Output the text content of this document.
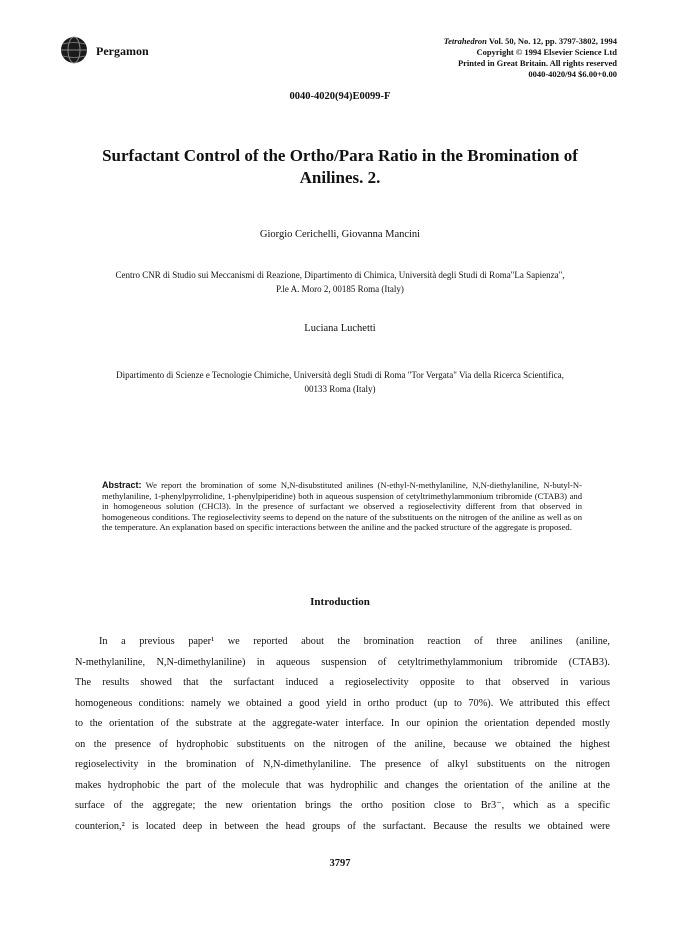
Pergamon
Tetrahedron Vol. 50, No. 12, pp. 3797-3802, 1994
Copyright © 1994 Elsevier Science Ltd
Printed in Great Britain. All rights reserved
0040-4020/94 $6.00+0.00
0040-4020(94)E0099-F
Surfactant Control of the Ortho/Para Ratio in the Bromination of
Anilines. 2.
Giorgio Cerichelli, Giovanna Mancini
Centro CNR di Studio sui Meccanismi di Reazione, Dipartimento di Chimica, Università degli Studi di Roma"La Sapienza",
P.le A. Moro 2, 00185 Roma (Italy)
Luciana Luchetti
Dipartimento di Scienze e Tecnologie Chimiche, Università degli Studi di Roma "Tor Vergata" Via della Ricerca Scientifica,
00133 Roma (Italy)
Abstract: We report the bromination of some N,N-disubstituted anilines (N-ethyl-N-methylaniline, N,N-diethylaniline, N-butyl-N-methylaniline, 1-phenylpyrrolidine, 1-phenylpiperidine) both in aqueous suspension of cetyltrimethylammonium tribromide (CTAB3) and in homogeneous solution (CHCl3). In the presence of surfactant we observed a regioselectivity different from that observed in homogeneous conditions. The regioselectivity seems to depend on the nature of the substituents on the nitrogen of the aniline as well as on the temperature. An explanation based on specific interactions between the aniline and the packed structure of the aggregate is proposed.
Introduction
In a previous paper¹ we reported about the bromination reaction of three anilines (aniline,
N-methylaniline, N,N-dimethylaniline) in aqueous suspension of cetyltrimethylammonium tribromide (CTAB3).
The results showed that the surfactant induced a regioselectivity opposite to that observed in various
homogeneous conditions: namely we obtained a good yield in ortho product (up to 70%). We attributed this effect
to the orientation of the substrate at the aggregate-water interface. In our opinion the orientation depended mostly
on the presence of hydrophobic substituents on the nitrogen of the aniline, because we obtained the highest
regioselectivity in the bromination of N,N-dimethylaniline. The presence of alkyl substituents on the nitrogen
makes hydrophobic the part of the molecule that was hydrophilic and changes the orientation of the aniline at the
surface of the aggregate; the new orientation brings the ortho position close to Br3⁻, which as a specific
counterion,² is located deep in between the head groups of the surfactant. Because the results we obtained were
3797
